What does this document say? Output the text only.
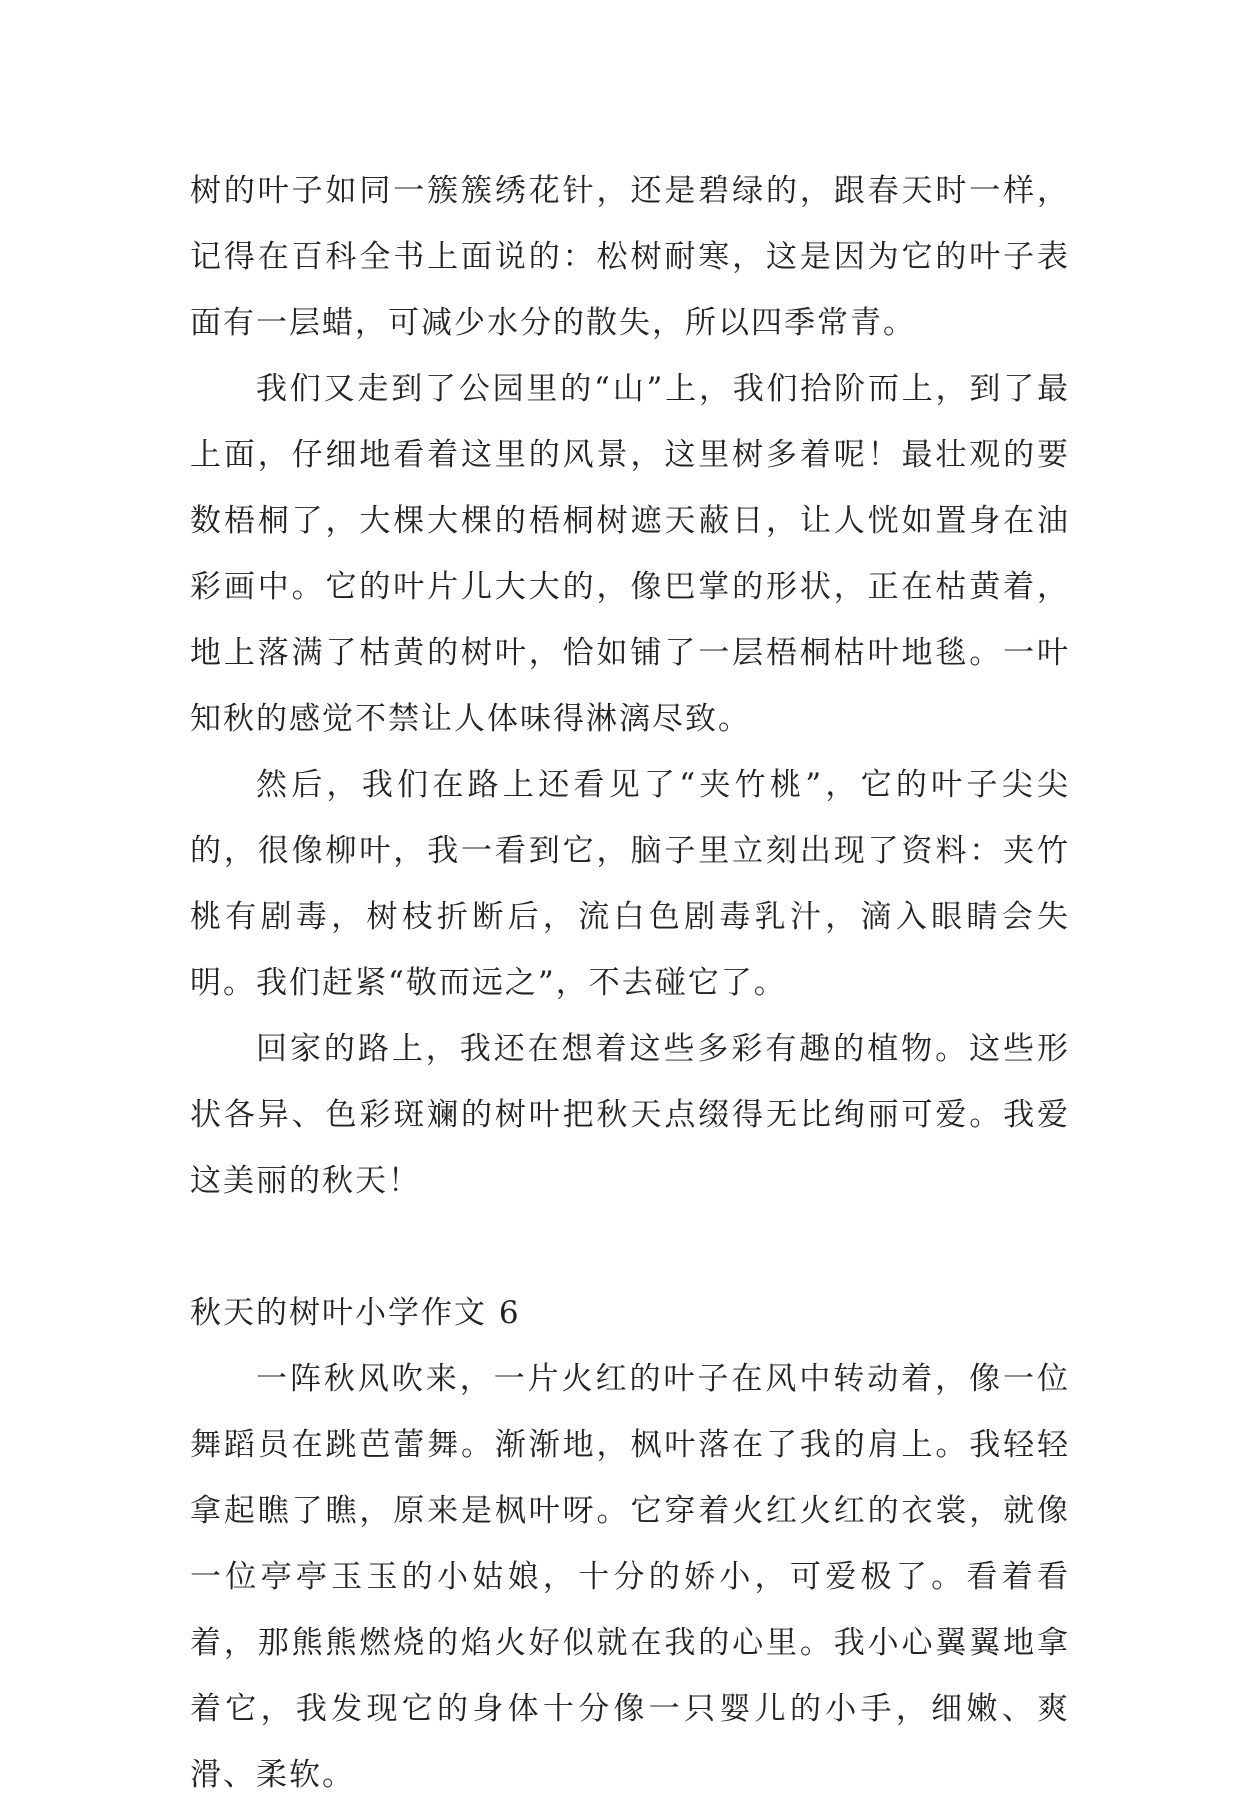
树的叶子如同一簇簇绣花针，还是碧绿的，跟春天时一样，记得在百科全书上面说的：松树耐寒，这是因为它的叶子表面有一层蜡，可减少水分的散失，所以四季常青。

我们又走到了公园里的“山”上，我们拾阶而上，到了最上面，仔细地看着这里的风景，这里树多着呢！最壮观的要数梧桐了，大棵大棵的梧桐树遮天蔽日，让人恍如置身在油彩画中。它的叶片儿大大的，像巴掌的形状，正在枯黄着，地上落满了枯黄的树叶，恰如铺了一层梧桐枯叶地毯。一叶知秋的感觉不禁让人体味得淋漓尽致。

然后，我们在路上还看见了“夹竹桃”，它的叶子尖尖的，很像柳叶，我一看到它，脑子里立刻出现了资料：夹竹桃有剧毒，树枝折断后，流白色剧毒乳汁，滴入眼睛会失明。我们赶紧“敬而远之”，不去碰它了。

回家的路上，我还在想着这些多彩有趣的植物。这些形状各异、色彩斑斓的树叶把秋天点缀得无比绚丽可爱。我爱这美丽的秋天！

秋天的树叶小学作文 6

一阵秋风吹来，一片火红的叶子在风中转动着，像一位舞蹈员在跳芭蕾舞。渐渐地，枫叶落在了我的肩上。我轻轻拿起瞧了瞧，原来是枫叶呀。它穿着火红火红的衣裳，就像一位亭亭玉玉的小姑娘，十分的娇小，可爱极了。看着看着，那熊熊燃烧的焰火好似就在我的心里。我小心翼翼地拿着它，我发现它的身体十分像一只婴儿的小手，细嫩、爽滑、柔软。
